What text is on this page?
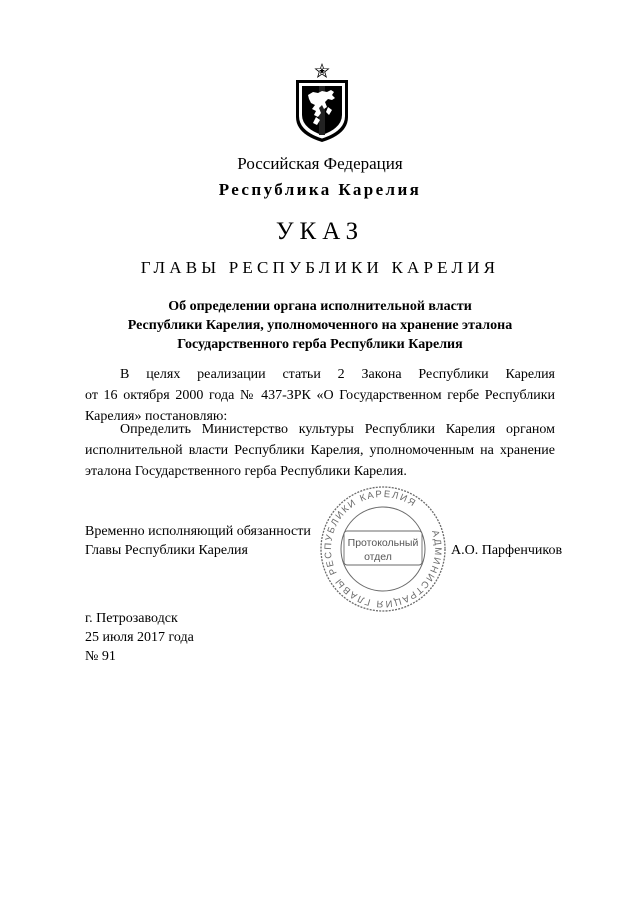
Российская Федерация
Республика Карелия
УКАЗ
ГЛАВЫ РЕСПУБЛИКИ КАРЕЛИЯ
Об определении органа исполнительной власти
Республики Карелия, уполномоченного на хранение эталона
Государственного герба Республики Карелия
В целях реализации статьи 2 Закона Республики Карелия
от 16 октября 2000 года № 437-ЗРК «О Государственном гербе Республики
Карелия» постановляю:
Определить Министерство культуры Республики Карелия органом
исполнительной власти Республики Карелия, уполномоченным на хранение
эталона Государственного герба Республики Карелия.
Временно исполняющий обязанности
Главы Республики Карелия
АДМИНИСТРАЦИЯ ГЛАВЫ РЕСПУБЛИКИ КАРЕЛИЯ
Протокольный
отдел	А.О. Парфенчиков
г. Петрозаводск
25 июля 2017 года
№ 91
